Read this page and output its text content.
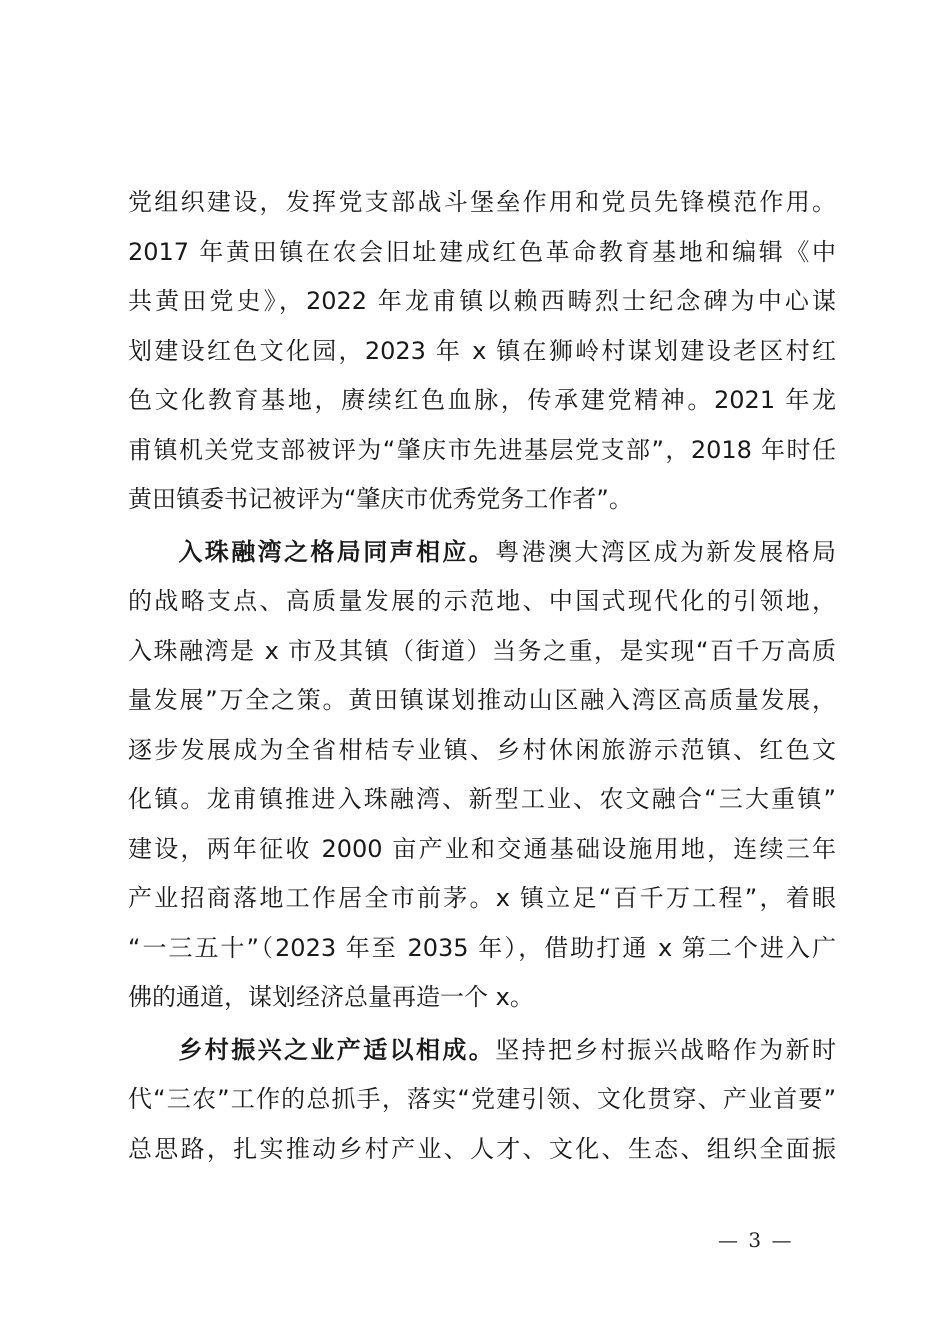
党组织建设，发挥党支部战斗堡垒作用和党员先锋模范作用。
2017 年黄田镇在农会旧址建成红色革命教育基地和编辑《中
共黄田党史》，2022 年龙甫镇以赖西畴烈士纪念碑为中心谋
划建设红色文化园，2023 年 x 镇在狮岭村谋划建设老区村红
色文化教育基地，赓续红色血脉，传承建党精神。2021 年龙
甫镇机关党支部被评为“肇庆市先进基层党支部”，2018 年时任
黄田镇委书记被评为“肇庆市优秀党务工作者”。
入珠融湾之格局同声相应。粤港澳大湾区成为新发展格局
的战略支点、高质量发展的示范地、中国式现代化的引领地，
入珠融湾是 x 市及其镇（街道）当务之重，是实现“百千万高质
量发展”万全之策。黄田镇谋划推动山区融入湾区高质量发展，
逐步发展成为全省柑桔专业镇、乡村休闲旅游示范镇、红色文
化镇。龙甫镇推进入珠融湾、新型工业、农文融合“三大重镇”
建设，两年征收 2000 亩产业和交通基础设施用地，连续三年
产业招商落地工作居全市前茅。x 镇立足“百千万工程”，着眼
“一三五十”（2023 年至 2035 年），借助打通 x 第二个进入广
佛的通道，谋划经济总量再造一个 x。
乡村振兴之业产适以相成。坚持把乡村振兴战略作为新时
代“三农”工作的总抓手，落实“党建引领、文化贯穿、产业首要”
总思路，扎实推动乡村产业、人才、文化、生态、组织全面振
— 3 —
